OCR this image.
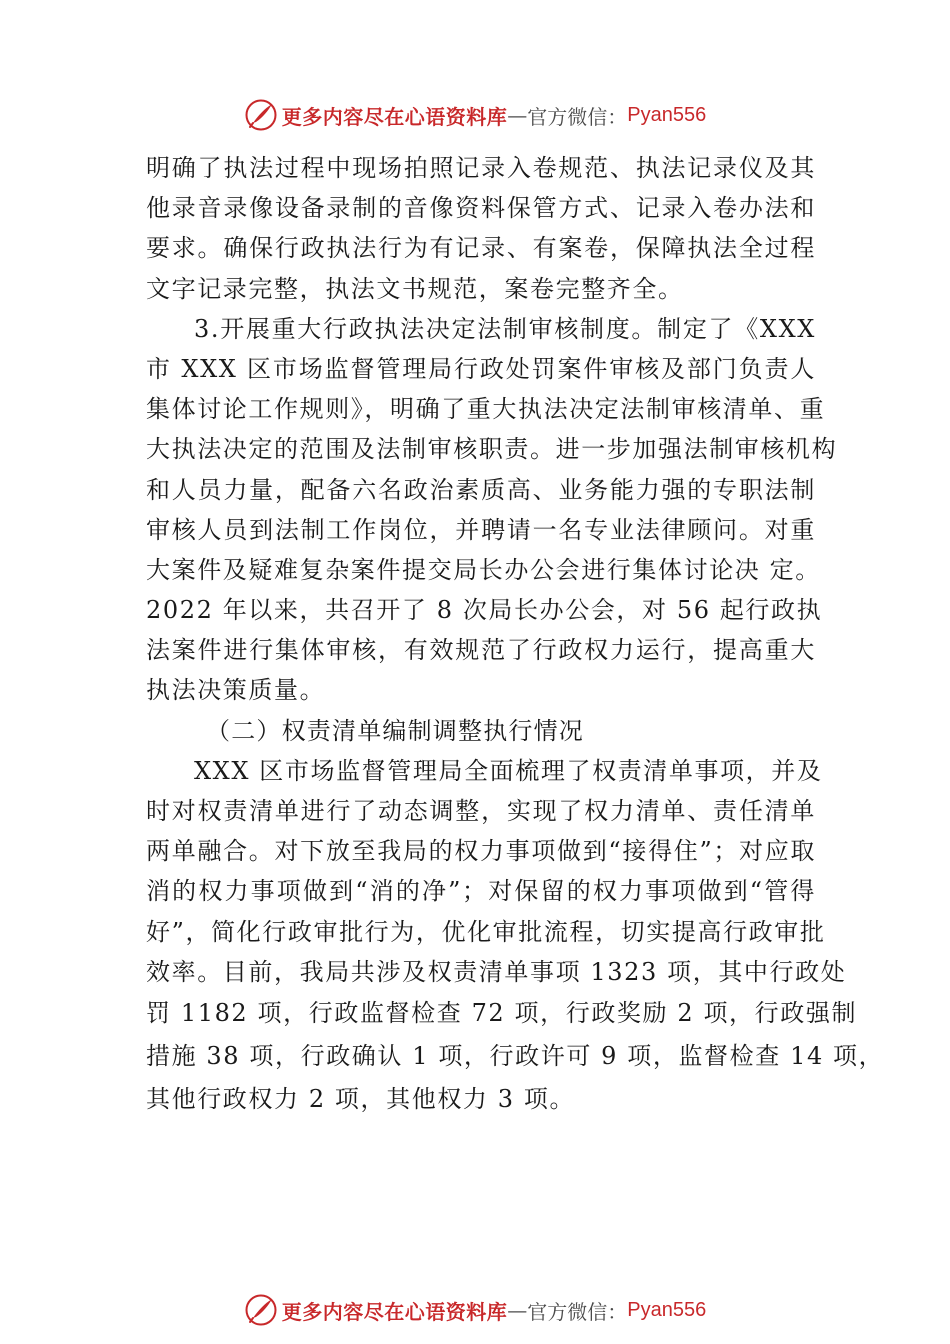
更多内容尽在心语资料库 — 官方微信： Pyan556
明确了执法过程中现场拍照记录入卷规范、执法记录仪及其
他录音录像设备录制的音像资料保管方式、记录入卷办法和
要求。确保行政执法行为有记录、有案卷，保障执法全过程
文字记录完整，执法文书规范，案卷完整齐全。
3.开展重大行政执法决定法制审核制度。制定了《XXX
市 XXX 区市场监督管理局行政处罚案件审核及部门负责人
集体讨论工作规则》，明确了重大执法决定法制审核清单、重
大执法决定的范围及法制审核职责。进一步加强法制审核机构
和人员力量，配备六名政治素质高、业务能力强的专职法制
审核人员到法制工作岗位，并聘请一名专业法律顾问。对重
大案件及疑难复杂案件提交局长办公会进行集体讨论决 定。
2022 年以来，共召开了 8 次局长办公会，对 56 起行政执
法案件进行集体审核，有效规范了行政权力运行，提高重大
执法决策质量。
（二）权责清单编制调整执行情况
XXX 区市场监督管理局全面梳理了权责清单事项，并及
时对权责清单进行了动态调整，实现了权力清单、责任清单
两单融合。对下放至我局的权力事项做到“接得住”；对应取
消的权力事项做到“消的净”；对保留的权力事项做到“管得
好”，简化行政审批行为，优化审批流程，切实提高行政审批
效率。目前，我局共涉及权责清单事项 1323 项，其中行政处
罚 1182 项，行政监督检查 72 项，行政奖励 2 项，行政强制
措施 38 项，行政确认 1 项，行政许可 9 项，监督检查 14 项，
其他行政权力 2 项，其他权力 3 项。
更多内容尽在心语资料库 — 官方微信： Pyan556
